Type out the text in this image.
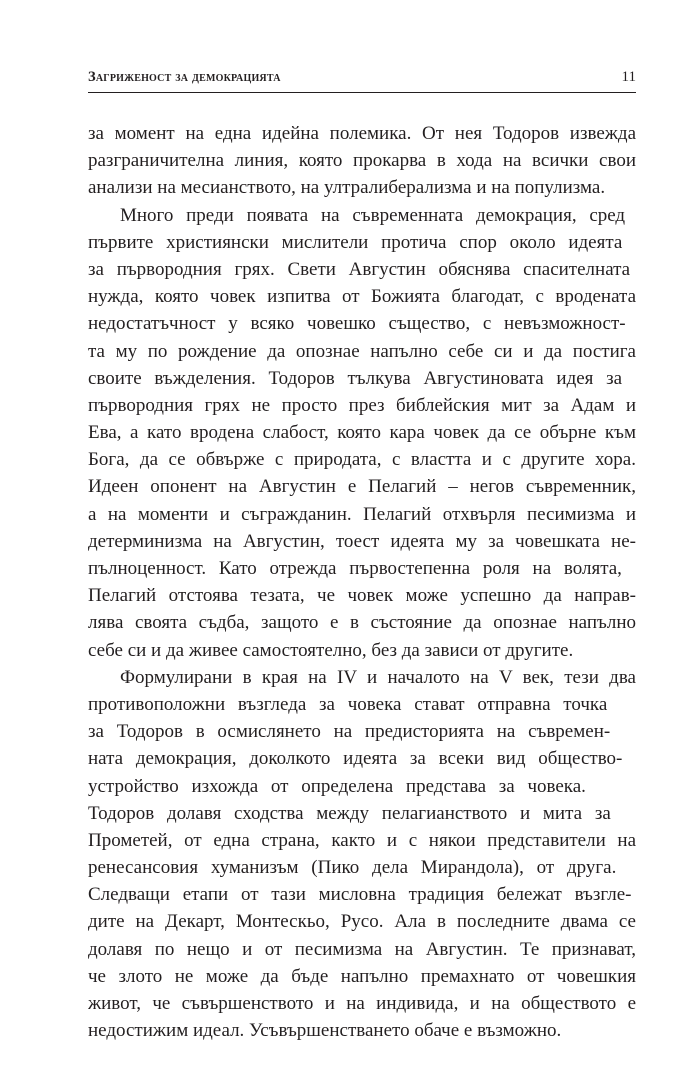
Загриженост за демокрацията	11
за момент на една идейна полемика. От нея Тодоров извежда
разграничителна линия, която прокарва в хода на всички свои
анализи на месианството, на ултралиберализма и на популизма.
Много преди появата на съвременната демокрация, сред
първите християнски мислители протича спор около идеята
за първородния грях. Свети Августин обяснява спасителната
нужда, която човек изпитва от Божията благодат, с вродената
недостатъчност у всяко човешко същество, с невъзможност-
та му по рождение да опознае напълно себе си и да постига
своите въжделения. Тодоров тълкува Августиновата идея за
първородния грях не просто през библейския мит за Адам и
Ева, а като вродена слабост, която кара човек да се обърне към
Бога, да се обвърже с природата, с властта и с другите хора.
Идеен опонент на Августин е Пелагий – негов съвременник,
а на моменти и съгражданин. Пелагий отхвърля песимизма и
детерминизма на Августин, тоест идеята му за човешката не-
пълноценност. Като отрежда първостепенна роля на волята,
Пелагий отстоява тезата, че човек може успешно да направ-
лява своята съдба, защото е в състояние да опознае напълно
себе си и да живее самостоятелно, без да зависи от другите.
Формулирани в края на IV и началото на V век, тези два
противоположни възгледа за човека стават отправна точка
за Тодоров в осмислянето на предисторията на съвремен-
ната демокрация, доколкото идеята за всеки вид общество-
устройство изхожда от определена представа за човека.
Тодоров долавя сходства между пелагианството и мита за
Прометей, от една страна, както и с някои представители на
ренесансовия хуманизъм (Пико дела Мирандола), от друга.
Следващи етапи от тази мисловна традиция бележат възгле-
дите на Декарт, Монтескьо, Русо. Ала в последните двама се
долавя по нещо и от песимизма на Августин. Те признават,
че злото не може да бъде напълно премахнато от човешкия
живот, че съвършенството и на индивида, и на обществото е
недостижим идеал. Усъвършенстването обаче е възможно.
